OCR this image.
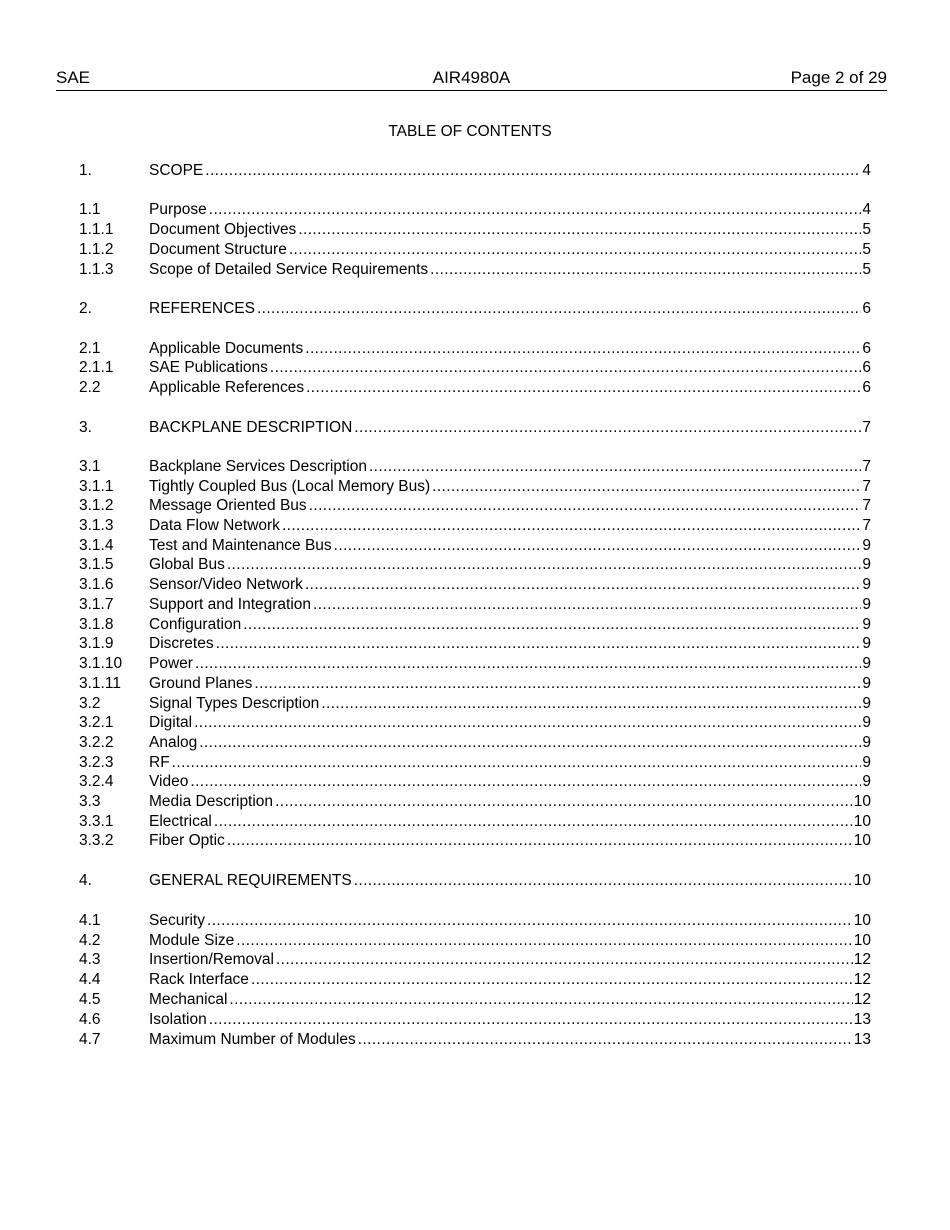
SAE	AIR4980A	Page 2 of 29
TABLE OF CONTENTS
1.	SCOPE .....	4
1.1	Purpose .....	4
1.1.1	Document Objectives .....	5
1.1.2	Document Structure .....	5
1.1.3	Scope of Detailed Service Requirements .....	5
2.	REFERENCES .....	6
2.1	Applicable Documents .....	6
2.1.1	SAE Publications .....	6
2.2	Applicable References .....	6
3.	BACKPLANE DESCRIPTION .....	7
3.1	Backplane Services Description .....	7
3.1.1	Tightly Coupled Bus (Local Memory Bus) .....	7
3.1.2	Message Oriented Bus .....	7
3.1.3	Data Flow Network .....	7
3.1.4	Test and Maintenance Bus .....	9
3.1.5	Global Bus .....	9
3.1.6	Sensor/Video Network .....	9
3.1.7	Support and Integration .....	9
3.1.8	Configuration .....	9
3.1.9	Discretes .....	9
3.1.10	Power .....	9
3.1.11	Ground Planes .....	9
3.2	Signal Types Description .....	9
3.2.1	Digital .....	9
3.2.2	Analog .....	9
3.2.3	RF .....	9
3.2.4	Video .....	9
3.3	Media Description .....	10
3.3.1	Electrical .....	10
3.3.2	Fiber Optic .....	10
4.	GENERAL REQUIREMENTS .....	10
4.1	Security .....	10
4.2	Module Size .....	10
4.3	Insertion/Removal .....	12
4.4	Rack Interface .....	12
4.5	Mechanical .....	12
4.6	Isolation .....	13
4.7	Maximum Number of Modules .....	13
